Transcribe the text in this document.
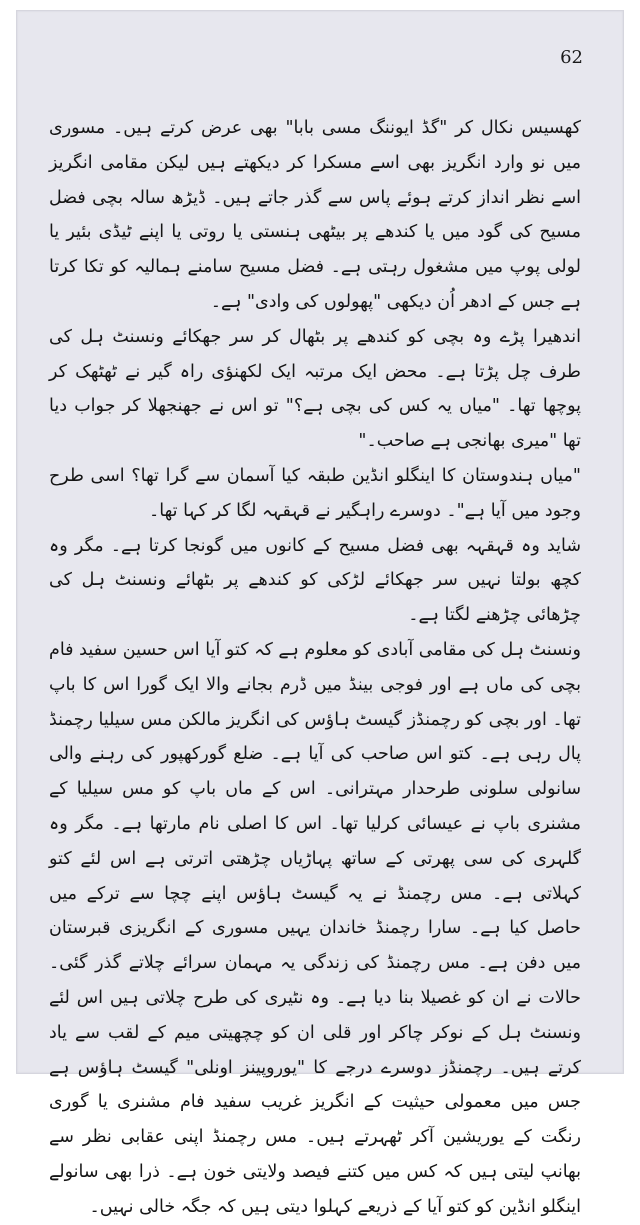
62

کھسیس نکال کر "گڈ ایوننگ مسی بابا" بھی عرض کرتے ہیں۔ مسوری میں نو وارد انگریز بھی اسے مسکرا کر دیکھتے ہیں لیکن مقامی انگریز اسے نظر انداز کرتے ہوئے پاس سے گذر جاتے ہیں۔ ڈیڑھ سالہ بچی فضل مسیح کی گود میں یا کندھے پر بیٹھی ہنستی یا روتی یا اپنے ٹیڈی بئیر یا لولی پوپ میں مشغول رہتی ہے۔ فضل مسیح سامنے ہمالیہ کو تکا کرتا ہے جس کے ادھر اُن دیکھی "پھولوں کی وادی" ہے۔

اندھیرا پڑے وہ بچی کو کندھے پر بٹھال کر سر جھکائے ونسنٹ ہل کی طرف چل پڑتا ہے۔ محض ایک مرتبہ ایک لکھنؤی راہ گیر نے ٹھٹھک کر پوچھا تھا۔ "میاں یہ کس کی بچی ہے؟" تو اس نے جھنجھلا کر جواب دیا تھا "میری بھانجی ہے صاحب۔"

"میاں ہندوستان کا اینگلو انڈین طبقہ کیا آسمان سے گرا تھا؟ اسی طرح وجود میں آیا ہے"۔ دوسرے راہگیر نے قہقہہ لگا کر کہا تھا۔

شاید وہ قہقہہ بھی فضل مسیح کے کانوں میں گونجا کرتا ہے۔ مگر وہ کچھ بولتا نہیں سر جھکائے لڑکی کو کندھے پر بٹھائے ونسنٹ ہل کی چڑھائی چڑھنے لگتا ہے۔

ونسنٹ ہل کی مقامی آبادی کو معلوم ہے کہ کتو آیا اس حسین سفید فام بچی کی ماں ہے اور فوجی بینڈ میں ڈرم بجانے والا ایک گورا اس کا باپ تھا۔ اور بچی کو رچمنڈز گیسٹ ہاؤس کی انگریز مالکن مس سیلیا رچمنڈ پال رہی ہے۔ کتو اس صاحب کی آیا ہے۔ ضلع گورکھپور کی رہنے والی سانولی سلونی طرحدار مہترانی۔ اس کے ماں باپ کو مس سیلیا کے مشنری باپ نے عیسائی کرلیا تھا۔ اس کا اصلی نام مارتھا ہے۔ مگر وہ گلہری کی سی پھرتی کے ساتھ پہاڑیاں چڑھتی اترتی ہے اس لئے کتو کہلاتی ہے۔ مس رچمنڈ نے یہ گیسٹ ہاؤس اپنے چچا سے ترکے میں حاصل کیا ہے۔ سارا رچمنڈ خاندان یہیں مسوری کے انگریزی قبرستان میں دفن ہے۔ مس رچمنڈ کی زندگی یہ مہمان سرائے چلاتے گذر گئی۔ حالات نے ان کو غصیلا بنا دیا ہے۔ وہ نٹیری کی طرح چلاتی ہیں اس لئے ونسنٹ ہل کے نوکر چاکر اور قلی ان کو چچھیتی میم کے لقب سے یاد کرتے ہیں۔ رچمنڈز دوسرے درجے کا "یوروپینز اونلی" گیسٹ ہاؤس ہے جس میں معمولی حیثیت کے انگریز غریب سفید فام مشنری یا گوری رنگت کے یوریشین آکر ٹھہرتے ہیں۔ مس رچمنڈ اپنی عقابی نظر سے بھانپ لیتی ہیں کہ کس میں کتنے فیصد ولایتی خون ہے۔ ذرا بھی سانولے اینگلو انڈین کو کتو آیا کے ذریعے کہلوا دیتی ہیں کہ جگہ خالی نہیں۔
